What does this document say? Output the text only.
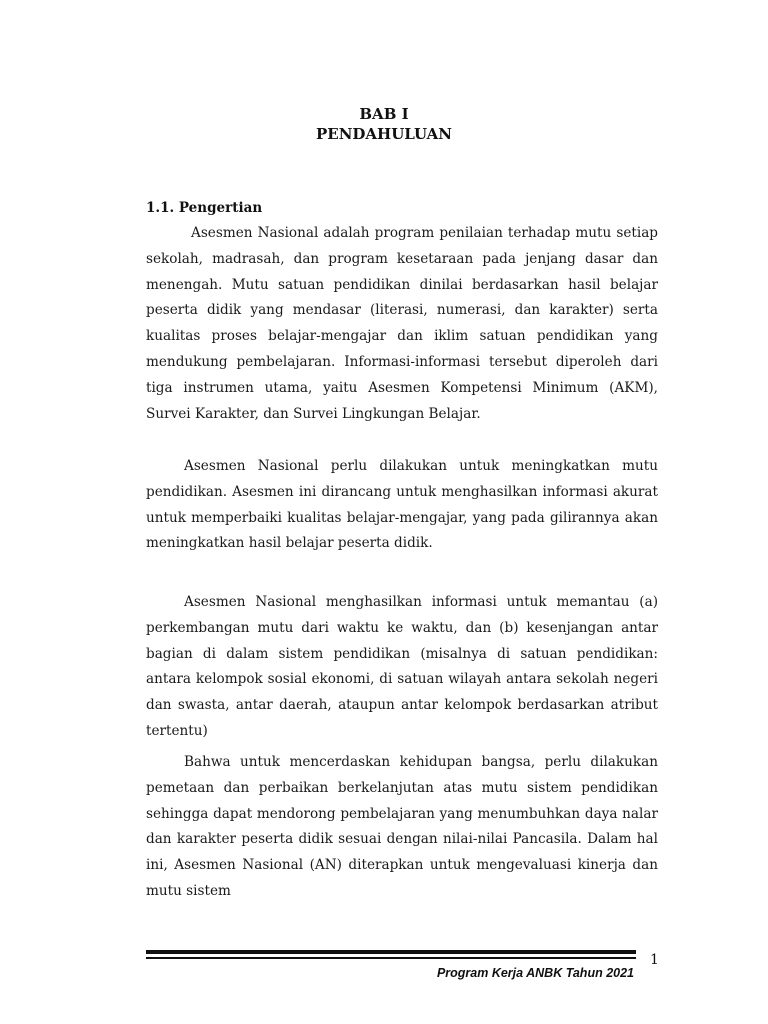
BAB I
PENDAHULUAN
1.1. Pengertian

Asesmen Nasional adalah program penilaian terhadap mutu setiap sekolah, madrasah, dan program kesetaraan pada jenjang dasar dan menengah. Mutu satuan pendidikan dinilai berdasarkan hasil belajar peserta didik yang mendasar (literasi, numerasi, dan karakter) serta kualitas proses belajar-mengajar dan iklim satuan pendidikan yang mendukung pembelajaran. Informasi-informasi tersebut diperoleh dari tiga instrumen utama, yaitu Asesmen Kompetensi Minimum (AKM), Survei Karakter, dan Survei Lingkungan Belajar.

Asesmen Nasional perlu dilakukan untuk meningkatkan mutu pendidikan. Asesmen ini dirancang untuk menghasilkan informasi akurat untuk memperbaiki kualitas belajar-mengajar, yang pada gilirannya akan meningkatkan hasil belajar peserta didik.

Asesmen Nasional menghasilkan informasi untuk memantau (a) perkembangan mutu dari waktu ke waktu, dan (b) kesenjangan antar bagian di dalam sistem pendidikan (misalnya di satuan pendidikan: antara kelompok sosial ekonomi, di satuan wilayah antara sekolah negeri dan swasta, antar daerah, ataupun antar kelompok berdasarkan atribut tertentu)

Bahwa untuk mencerdaskan kehidupan bangsa, perlu dilakukan pemetaan dan perbaikan berkelanjutan atas mutu sistem pendidikan sehingga dapat mendorong pembelajaran yang menumbuhkan daya nalar dan karakter peserta didik sesuai dengan nilai-nilai Pancasila. Dalam hal ini, Asesmen Nasional (AN) diterapkan untuk mengevaluasi kinerja dan mutu sistem

1
Program Kerja ANBK Tahun 2021
